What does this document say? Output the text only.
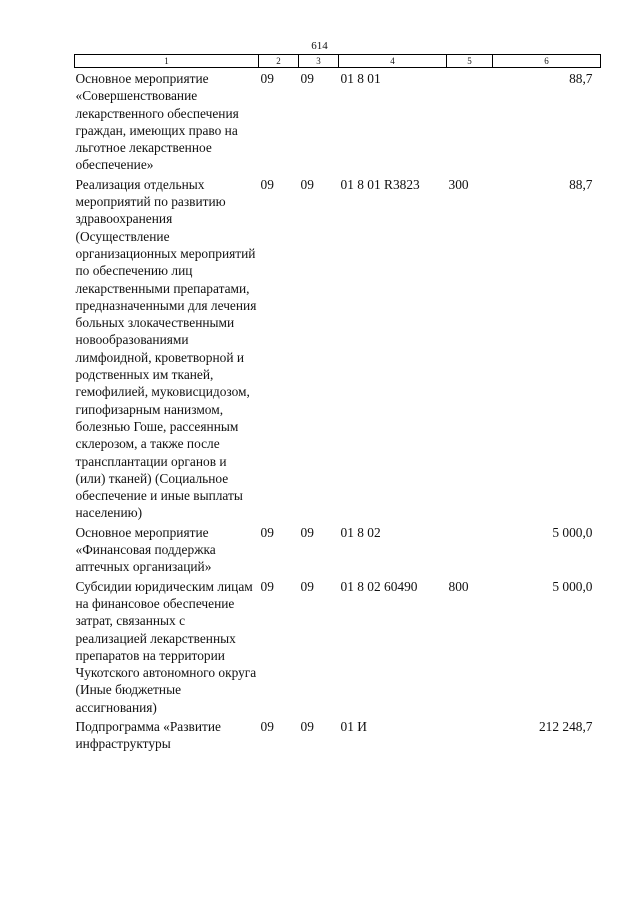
614
1	2	3	4	5	6
Основное мероприятие «Совершенствование лекарственного обеспечения граждан, имеющих право на льготное лекарственное обеспечение»	09	09	01 8 01		88,7
Реализация отдельных мероприятий по развитию здравоохранения (Осуществление организационных мероприятий по обеспечению лиц лекарственными препаратами, предназначенными для лечения больных злокачественными новообразованиями лимфоидной, кроветворной и родственных им тканей, гемофилией, муковисцидозом, гипофизарным нанизмом, болезнью Гоше, рассеянным склерозом, а также после трансплантации органов и (или) тканей) (Социальное обеспечение и иные выплаты населению)	09	09	01 8 01 R3823	300	88,7
Основное мероприятие «Финансовая поддержка аптечных организаций»	09	09	01 8 02		5 000,0
Субсидии юридическим лицам на финансовое обеспечение затрат, связанных с реализацией лекарственных препаратов на территории Чукотского автономного округа (Иные бюджетные ассигнования)	09	09	01 8 02 60490	800	5 000,0
Подпрограмма «Развитие инфраструктуры	09	09	01 И		212 248,7
